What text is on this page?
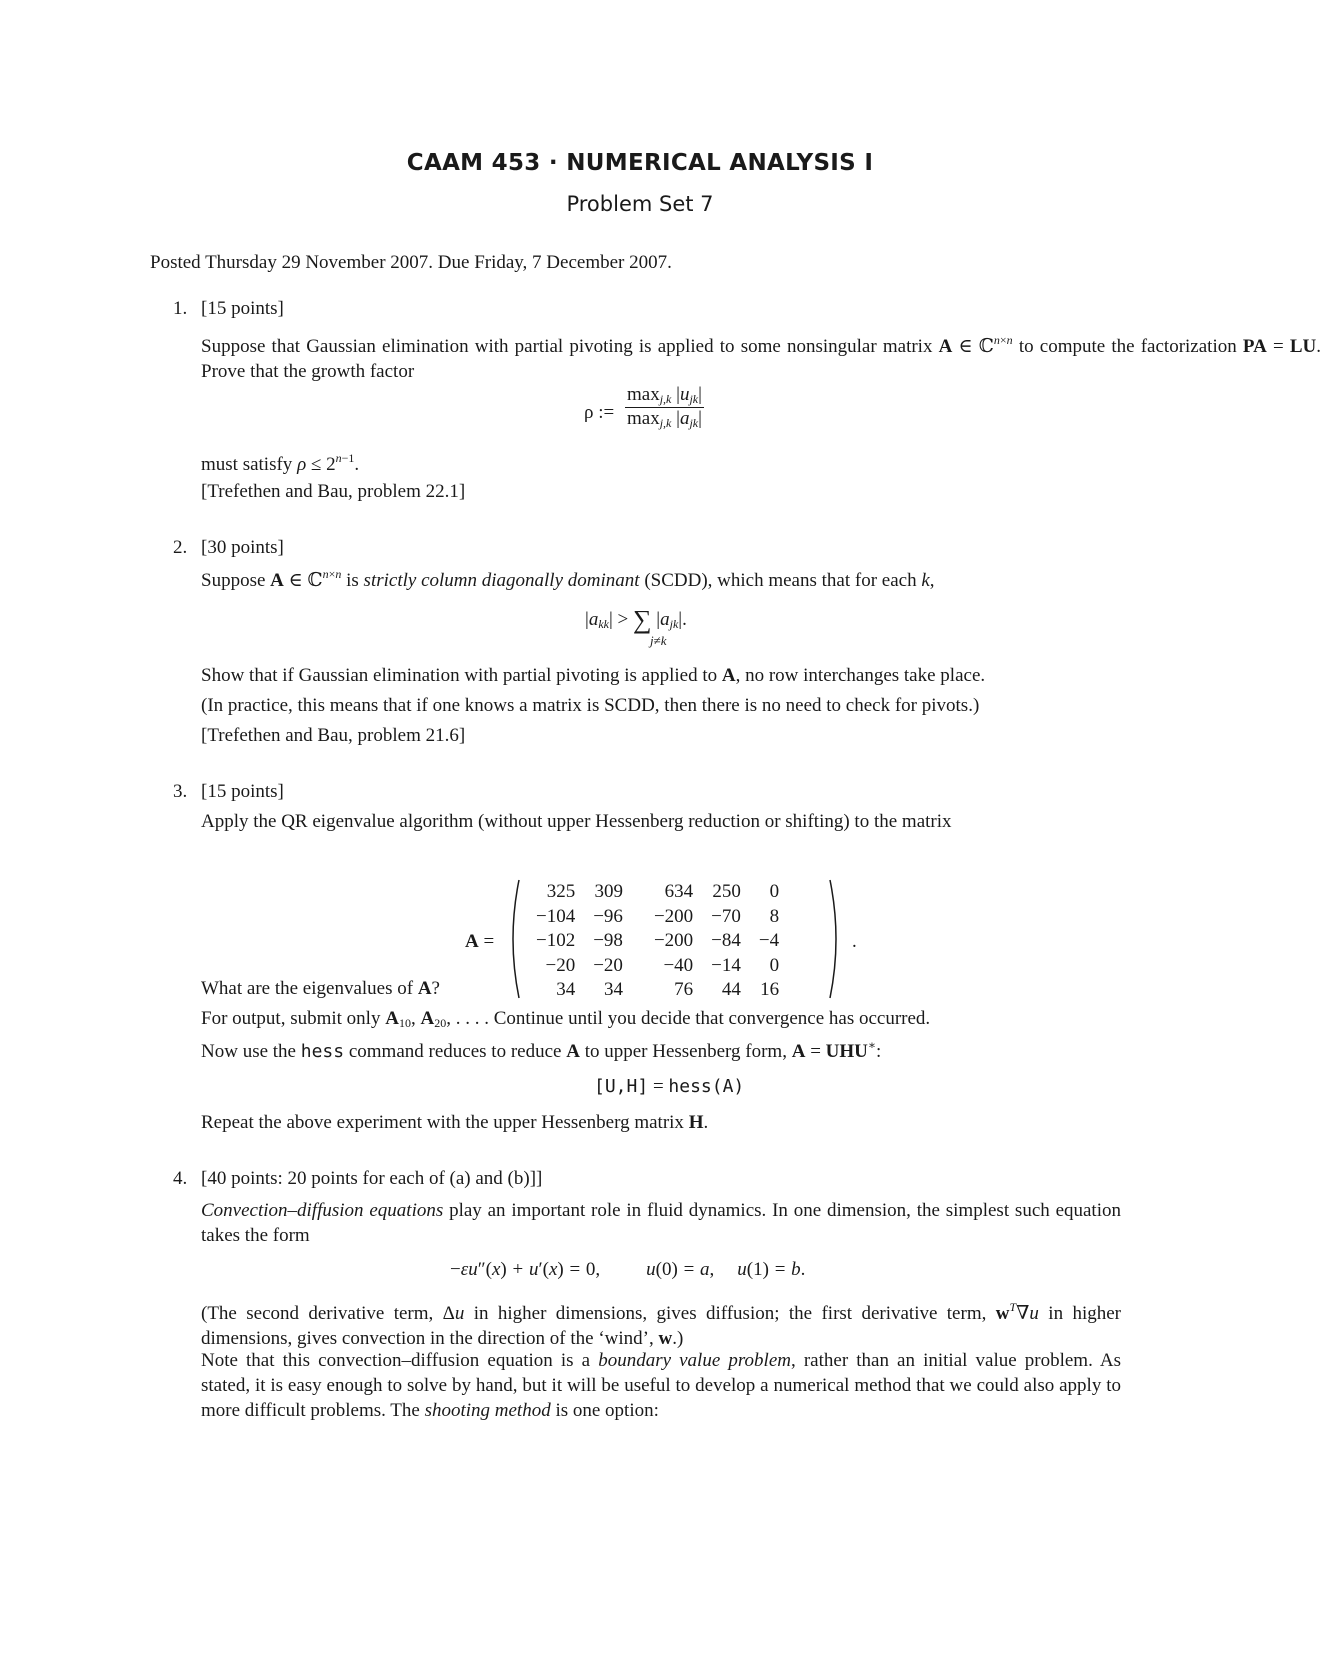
CAAM 453 · NUMERICAL ANALYSIS I
Problem Set 7
Posted Thursday 29 November 2007. Due Friday, 7 December 2007.
1. [15 points]
Suppose that Gaussian elimination with partial pivoting is applied to some nonsingular matrix A ∈ ℂ$^{n\times n}$ to compute the factorization PA = LU. Prove that the growth factor
ρ :=
$\max_{j,k} |u_{jk}|$
$\max_{j,k} |a_{jk}|$
must satisfy $\rho \le 2^{n-1}$.
[Trefethen and Bau, problem 22.1]
2. [30 points]
Suppose A ∈ ℂ$^{n\times n}$ is strictly column diagonally dominant (SCDD), which means that for each k,
$|a_{kk}|$ > ∑ $|a_{jk}|$.
j≠k
Show that if Gaussian elimination with partial pivoting is applied to A, no row interchanges take place.
(In practice, this means that if one knows a matrix is SCDD, then there is no need to check for pivots.)
[Trefethen and Bau, problem 21.6]
3. [15 points]
Apply the QR eigenvalue algorithm (without upper Hessenberg reduction or shifting) to the matrix
A =
325	309	634	250	0
−104	−96	−200	−70	8
−102	−98	−200	−84	−4
−20	−20	−40	−14	0
34	34	76	44	16
.
What are the eigenvalues of A?
For output, submit only $A_{10}$, $A_{20}$, . . . . Continue until you decide that convergence has occurred.
Now use the hess command reduces to reduce A to upper Hessenberg form, A = UHU∗:
[U,H] = hess(A)
Repeat the above experiment with the upper Hessenberg matrix H.
4. [40 points: 20 points for each of (a) and (b)]]
Convection–diffusion equations play an important role in fluid dynamics. In one dimension, the simplest such equation takes the form
−εu″(x) + u′(x) = 0,        u(0) = a,    u(1) = b.
(The second derivative term, Δu in higher dimensions, gives diffusion; the first derivative term, $w^T\nabla u$ in higher dimensions, gives convection in the direction of the ‘wind’, w.)
Note that this convection–diffusion equation is a boundary value problem, rather than an initial value problem. As stated, it is easy enough to solve by hand, but it will be useful to develop a numerical method that we could also apply to more difficult problems. The shooting method is one option:
